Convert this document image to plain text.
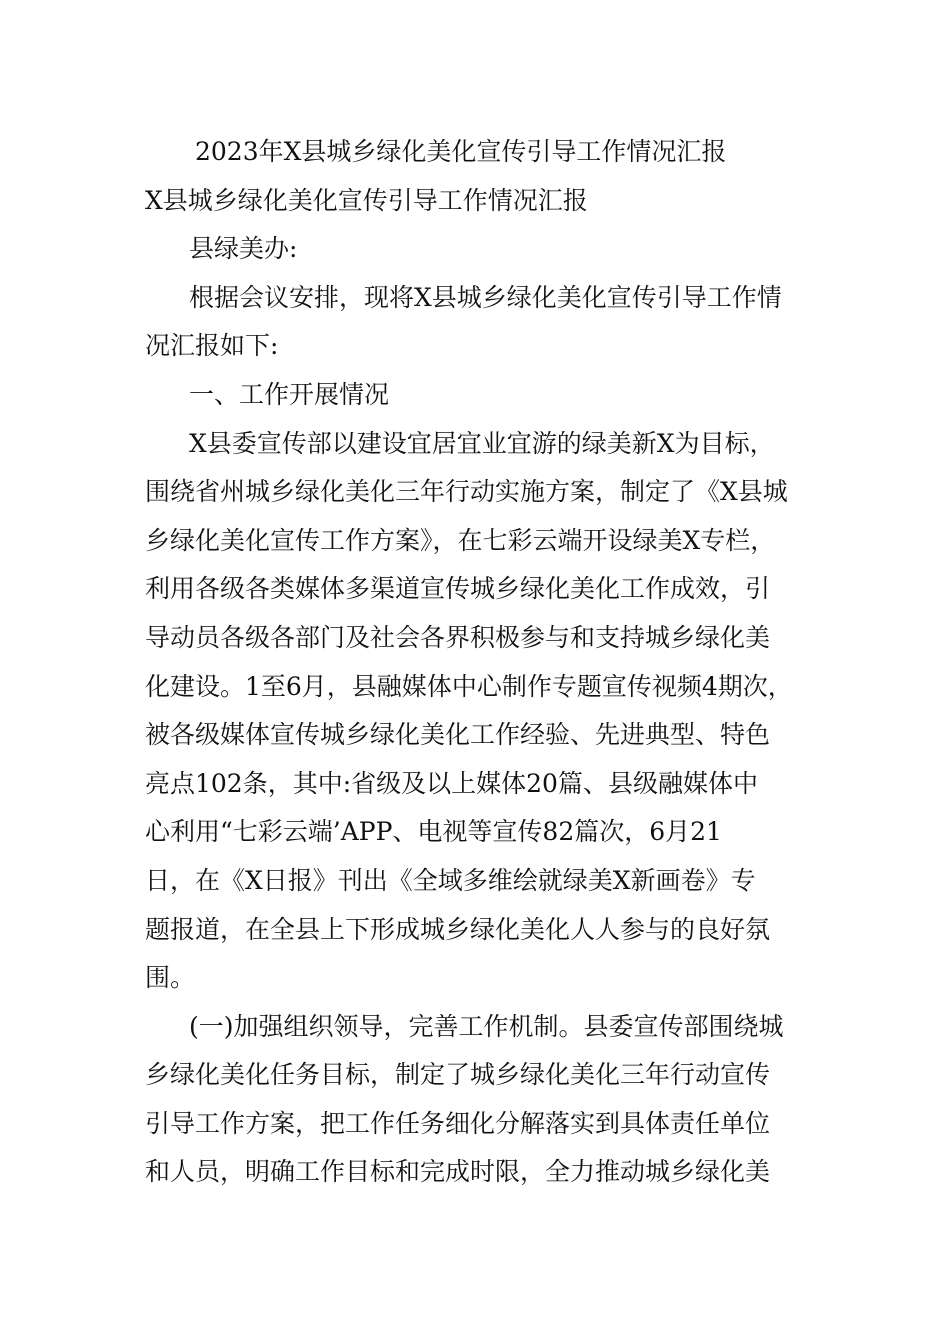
2023年X县城乡绿化美化宣传引导工作情况汇报
X县城乡绿化美化宣传引导工作情况汇报
县绿美办:
根据会议安排，现将X县城乡绿化美化宣传引导工作情
况汇报如下:
一、工作开展情况
X县委宣传部以建设宜居宜业宜游的绿美新X为目标，
围绕省州城乡绿化美化三年行动实施方案，制定了《X县城
乡绿化美化宣传工作方案》，在七彩云端开设绿美X专栏，
利用各级各类媒体多渠道宣传城乡绿化美化工作成效，引
导动员各级各部门及社会各界积极参与和支持城乡绿化美
化建设。1至6月，县融媒体中心制作专题宣传视频4期次，
被各级媒体宣传城乡绿化美化工作经验、先进典型、特色
亮点102条，其中:省级及以上媒体20篇、县级融媒体中
心利用“七彩云端’APP、电视等宣传82篇次，6月21
日，在《X日报》刊出《全域多维绘就绿美X新画卷》专
题报道，在全县上下形成城乡绿化美化人人参与的良好氛
围。
(一)加强组织领导，完善工作机制。县委宣传部围绕城
乡绿化美化任务目标，制定了城乡绿化美化三年行动宣传
引导工作方案，把工作任务细化分解落实到具体责任单位
和人员，明确工作目标和完成时限，全力推动城乡绿化美
